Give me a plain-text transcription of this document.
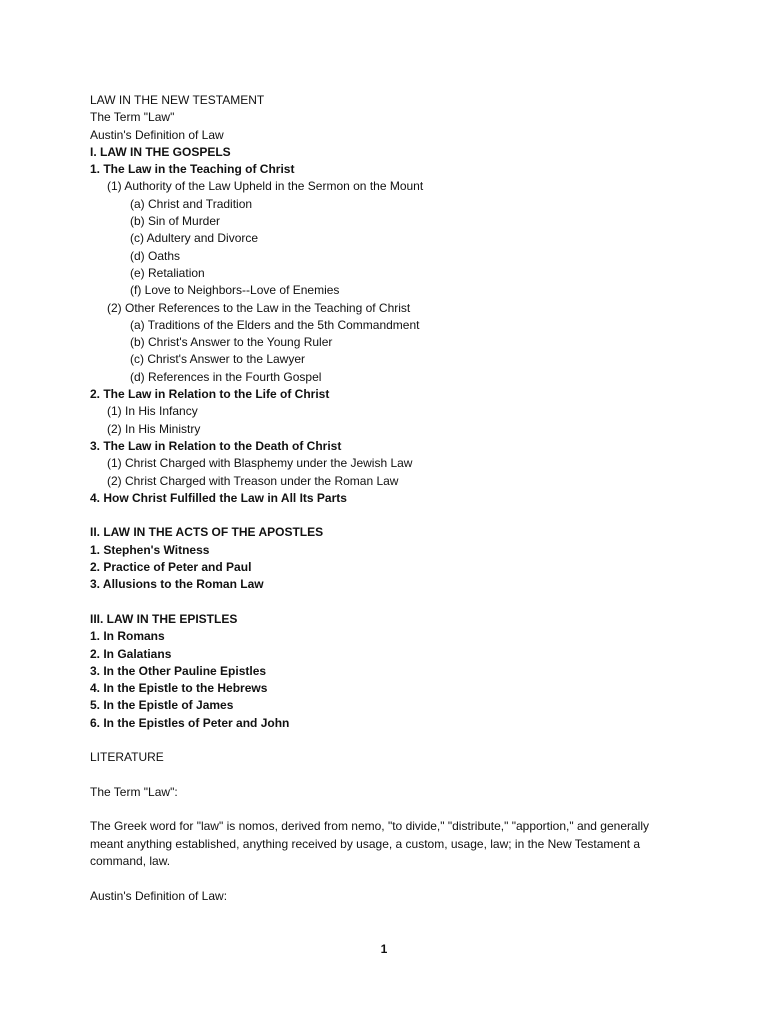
LAW IN THE NEW TESTAMENT
The Term "Law"
Austin's Definition of Law
I. LAW IN THE GOSPELS
1. The Law in the Teaching of Christ
(1) Authority of the Law Upheld in the Sermon on the Mount
(a) Christ and Tradition
(b) Sin of Murder
(c) Adultery and Divorce
(d) Oaths
(e) Retaliation
(f) Love to Neighbors--Love of Enemies
(2) Other References to the Law in the Teaching of Christ
(a) Traditions of the Elders and the 5th Commandment
(b) Christ's Answer to the Young Ruler
(c) Christ's Answer to the Lawyer
(d) References in the Fourth Gospel
2. The Law in Relation to the Life of Christ
(1) In His Infancy
(2) In His Ministry
3. The Law in Relation to the Death of Christ
(1) Christ Charged with Blasphemy under the Jewish Law
(2) Christ Charged with Treason under the Roman Law
4. How Christ Fulfilled the Law in All Its Parts
II. LAW IN THE ACTS OF THE APOSTLES
1. Stephen's Witness
2. Practice of Peter and Paul
3. Allusions to the Roman Law
III. LAW IN THE EPISTLES
1. In Romans
2. In Galatians
3. In the Other Pauline Epistles
4. In the Epistle to the Hebrews
5. In the Epistle of James
6. In the Epistles of Peter and John
LITERATURE
The Term "Law":
The Greek word for "law" is nomos, derived from nemo, "to divide," "distribute," "apportion," and generally meant anything established, anything received by usage, a custom, usage, law; in the New Testament a command, law.
Austin's Definition of Law:
1
